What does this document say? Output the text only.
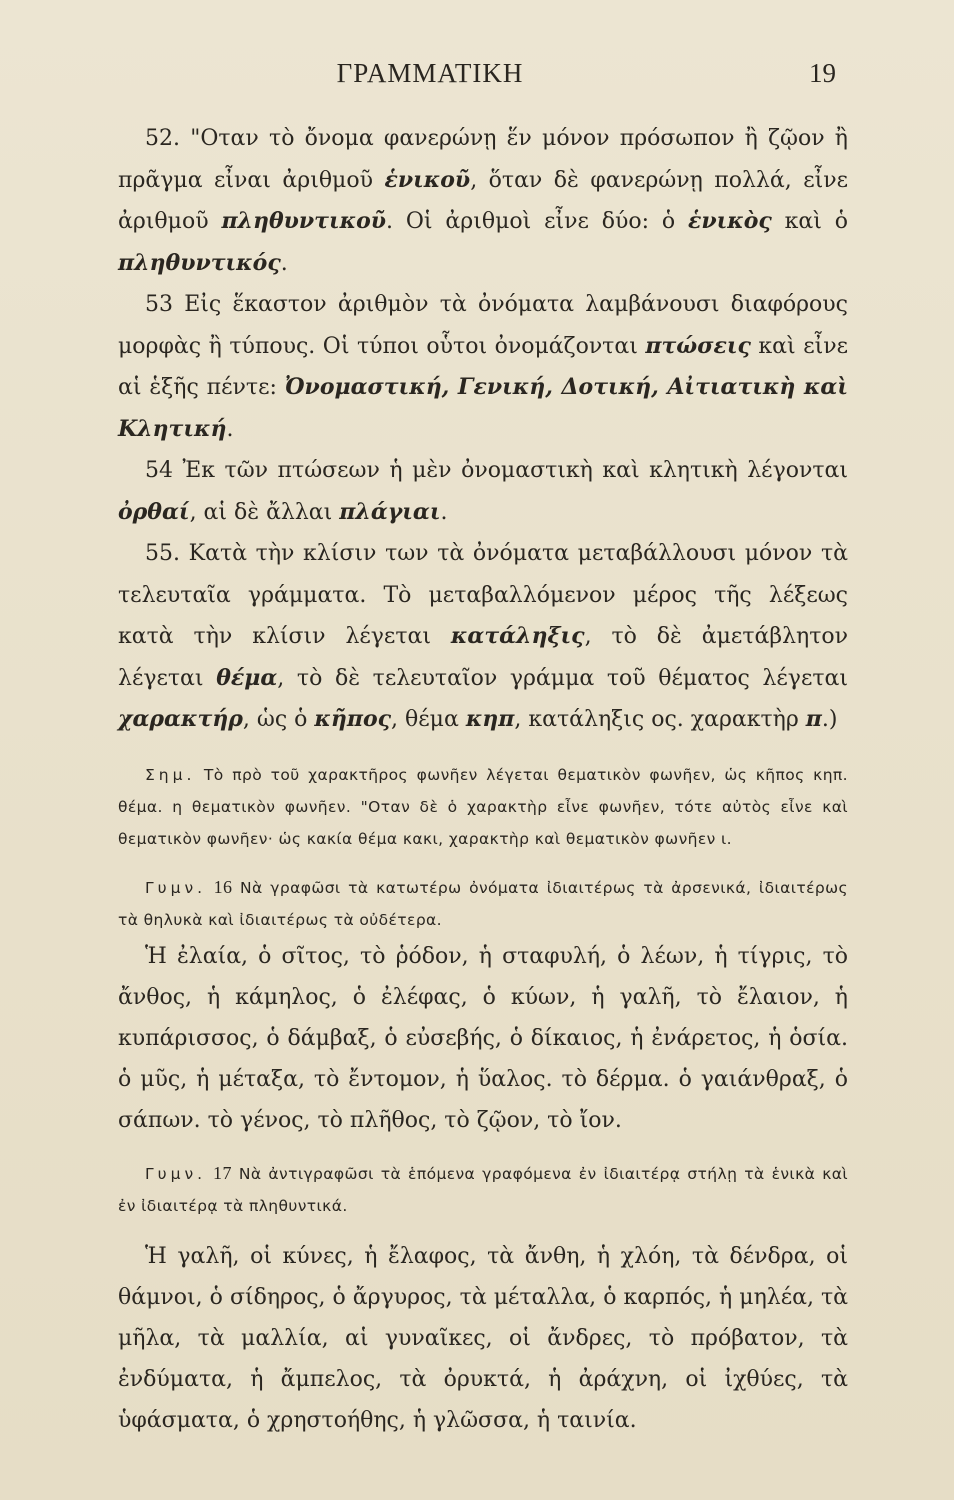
ΓΡΑΜΜΑΤΙΚΗ	19

52. "Οταν τὸ ὄνομα φανερώνῃ ἕν μόνον πρόσωπον ἢ ζῷον ἢ πρᾶγμα εἶναι ἀριθμοῦ ἑνικοῦ, ὅταν δὲ φανερώνῃ πολλά, εἶνε ἀριθμοῦ πληθυντικοῦ. Οἱ ἀριθμοὶ εἶνε δύο: ὁ ἑνικὸς καὶ ὁ πληθυντικός.

53 Εἰς ἕκαστον ἀριθμὸν τὰ ὀνόματα λαμβάνουσι διαφόρους μορφὰς ἢ τύπους. Οἱ τύποι οὗτοι ὀνομάζονται πτώσεις καὶ εἶνε αἱ ἑξῆς πέντε: Ὀνομαστική, Γενική, Δοτική, Αἰτιατικὴ καὶ Κλητική.

54 Ἐκ τῶν πτώσεων ἡ μὲν ὀνομαστικὴ καὶ κλητικὴ λέγονται ὀρθαί, αἱ δὲ ἄλλαι πλάγιαι.

55. Κατὰ τὴν κλίσιν των τὰ ὀνόματα μεταβάλλουσι μόνον τὰ τελευταῖα γράμματα. Τὸ μεταβαλλόμενον μέρος τῆς λέξεως κατὰ τὴν κλίσιν λέγεται κατάληξις, τὸ δὲ ἀμετάβλητον λέγεται θέμα, τὸ δὲ τελευταῖον γράμμα τοῦ θέματος λέγεται χαρακτήρ, ὡς ὁ κῆπος, θέμα κηπ, κατάληξις ος. χαρακτὴρ π.)

Σημ. Τὸ πρὸ τοῦ χαρακτῆρος φωνῆεν λέγεται θεματικὸν φωνῆεν, ὡς κῆπος κηπ. θέμα. η θεματικὸν φωνῆεν. "Οταν δὲ ὁ χαρακτὴρ εἶνε φωνῆεν, τότε αὐτὸς εἶνε καὶ θεματικὸν φωνῆεν· ὡς κακία θέμα κακι, χαρακτὴρ καὶ θεματικὸν φωνῆεν ι.

Γυμν. 16 Νὰ γραφῶσι τὰ κατωτέρω ὀνόματα ἰδιαιτέρως τὰ ἀρσενικά, ἰδιαιτέρως τὰ θηλυκὰ καὶ ἰδιαιτέρως τὰ οὐδέτερα.

Ἡ ἐλαία, ὁ σῖτος, τὸ ῥόδον, ἡ σταφυλή, ὁ λέων, ἡ τίγρις, τὸ ἄνθος, ἡ κάμηλος, ὁ ἐλέφας, ὁ κύων, ἡ γαλῆ, τὸ ἔλαιον, ἡ κυπάρισσος, ὁ δάμβαξ, ὁ εὐσεβής, ὁ δίκαιος, ἡ ἐνάρετος, ἡ ὁσία. ὁ μῦς, ἡ μέταξα, τὸ ἔντομον, ἡ ὕαλος. τὸ δέρμα. ὁ γαιάνθραξ, ὁ σάπων. τὸ γένος, τὸ πλῆθος, τὸ ζῷον, τὸ ἴον.

Γυμν. 17 Νὰ ἀντιγραφῶσι τὰ ἑπόμενα γραφόμενα ἐν ἰδιαιτέρᾳ στήλῃ τὰ ἑνικὰ καὶ ἐν ἰδιαιτέρᾳ τὰ πληθυντικά.

Ἡ γαλῆ, οἱ κύνες, ἡ ἔλαφος, τὰ ἄνθη, ἡ χλόη, τὰ δένδρα, οἱ θάμνοι, ὁ σίδηρος, ὁ ἄργυρος, τὰ μέταλλα, ὁ καρπός, ἡ μηλέα, τὰ μῆλα, τὰ μαλλία, αἱ γυναῖκες, οἱ ἄνδρες, τὸ πρόβατον, τὰ ἐνδύματα, ἡ ἄμπελος, τὰ ὀρυκτά, ἡ ἀράχνη, οἱ ἰχθύες, τὰ ὑφάσματα, ὁ χρηστοήθης, ἡ γλῶσσα, ἡ ταινία.
